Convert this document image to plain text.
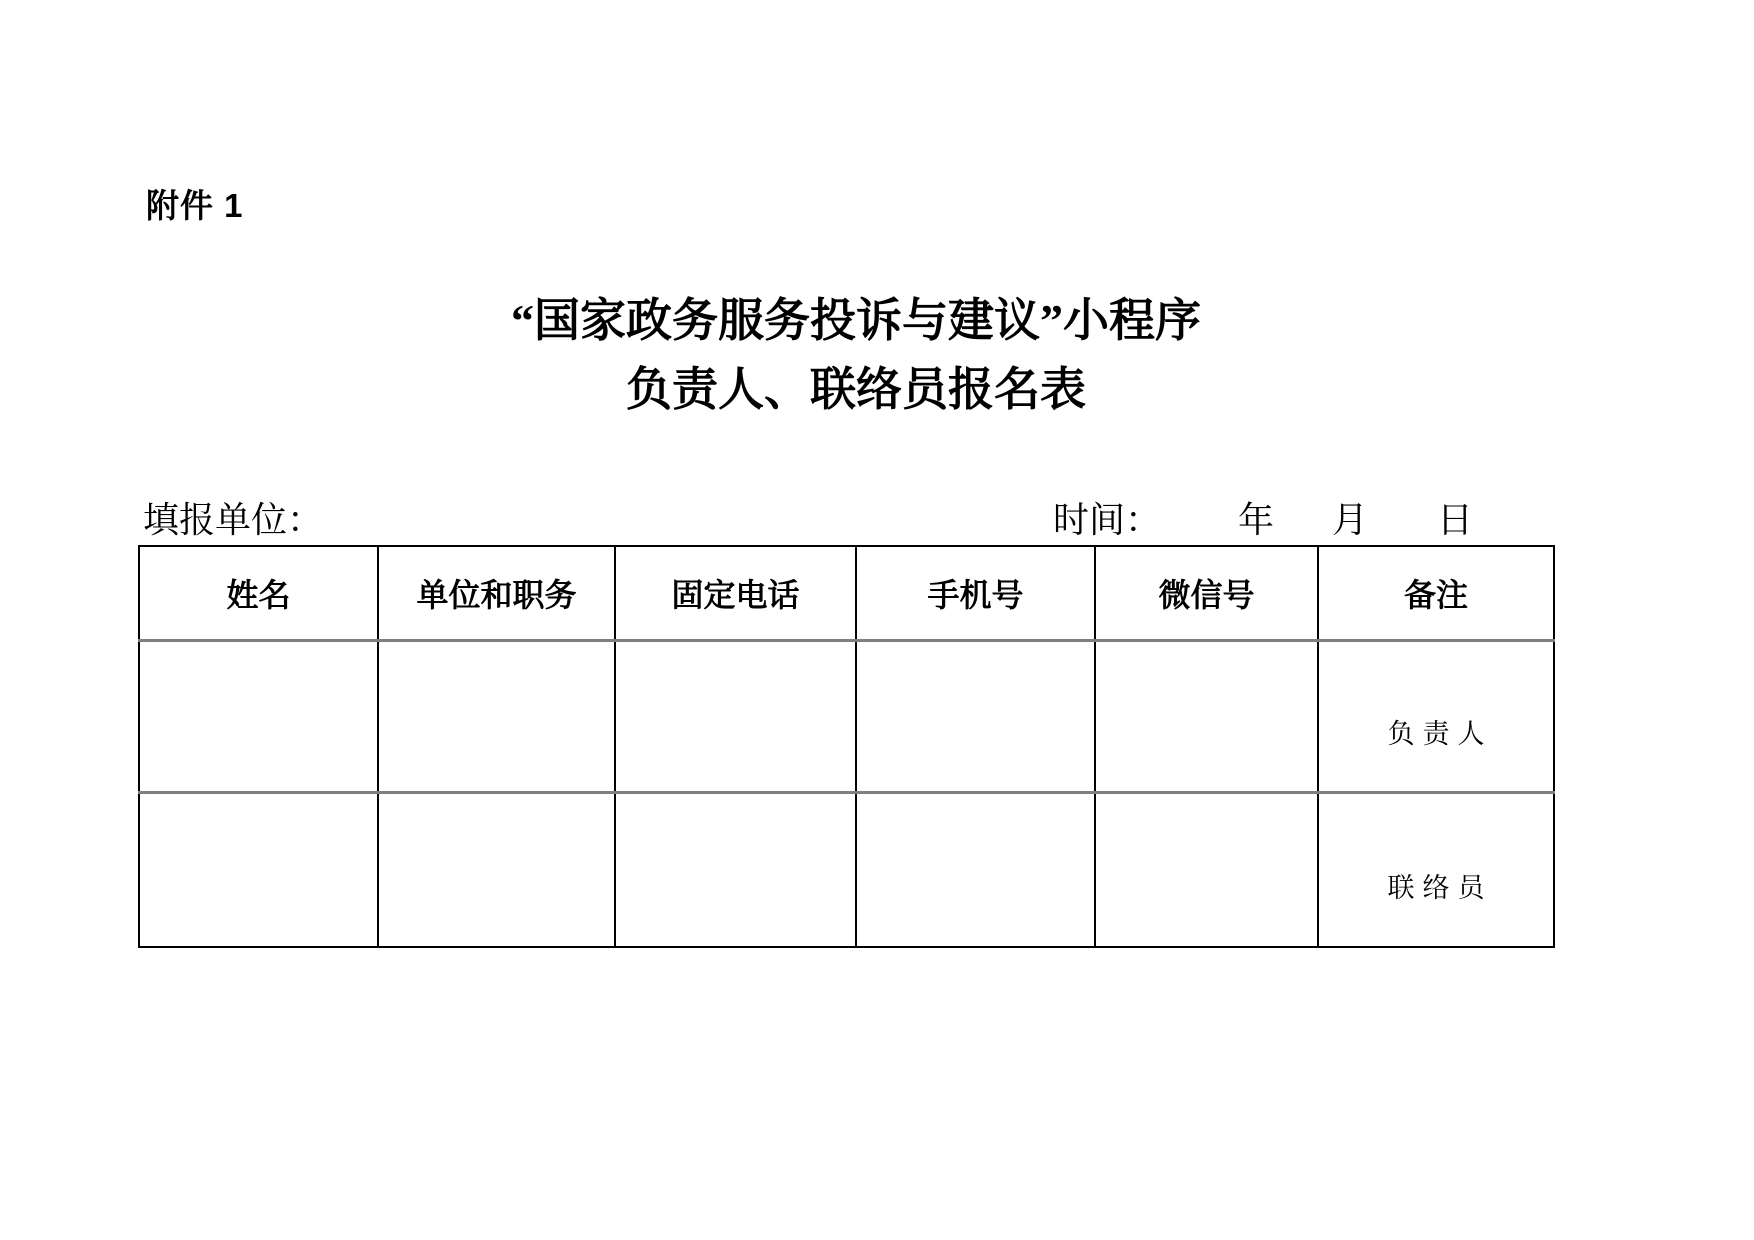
附件 1
“国家政务服务投诉与建议”小程序
负责人、联络员报名表
填报单位：	时间： 年 月 日
姓名	单位和职务	固定电话	手机号	微信号	备注
					负责人
					联络员
